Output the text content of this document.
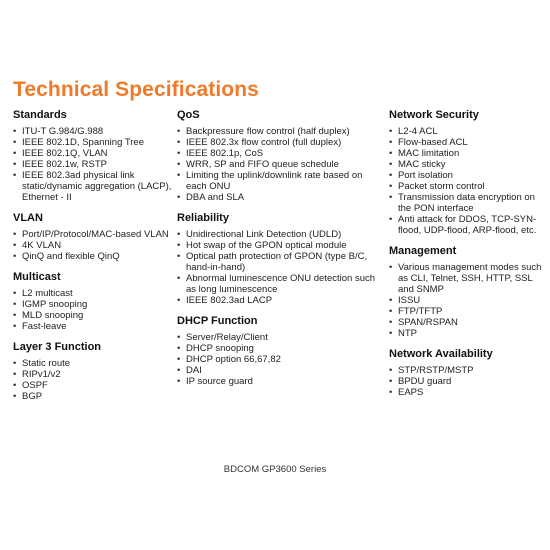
Technical Specifications
Standards
• ITU-T G.984/G.988
• IEEE 802.1D, Spanning Tree
• IEEE 802.1Q, VLAN
• IEEE 802.1w, RSTP
• IEEE 802.3ad physical link static/dynamic aggregation (LACP), Ethernet - II
VLAN
• Port/IP/Protocol/MAC-based VLAN
• 4K VLAN
• QinQ and flexible QinQ
Multicast
• L2 multicast
• IGMP snooping
• MLD snooping
• Fast-leave
Layer 3 Function
• Static route
• RIPv1/v2
• OSPF
• BGP
QoS
• Backpressure flow control (half duplex)
• IEEE 802.3x flow control (full duplex)
• IEEE 802.1p, CoS
• WRR, SP and FIFO queue schedule
• Limiting the uplink/downlink rate based on each ONU
• DBA and SLA
Reliability
• Unidirectional Link Detection (UDLD)
• Hot swap of the GPON optical module
• Optical path protection of GPON (type B/C, hand-in-hand)
• Abnormal luminescence ONU detection such as long luminescence
• IEEE 802.3ad LACP
DHCP Function
• Server/Relay/Client
• DHCP snooping
• DHCP option 66,67,82
• DAI
• IP source guard
Network Security
• L2-4 ACL
• Flow-based ACL
• MAC limitation
• MAC sticky
• Port isolation
• Packet storm control
• Transmission data encryption on the PON interface
• Anti attack for DDOS, TCP-SYN-flood, UDP-flood, ARP-flood, etc.
Management
• Various management modes such as CLI, Telnet, SSH, HTTP, SSL and SNMP
• ISSU
• FTP/TFTP
• SPAN/RSPAN
• NTP
Network Availability
• STP/RSTP/MSTP
• BPDU guard
• EAPS
BDCOM GP3600 Series
